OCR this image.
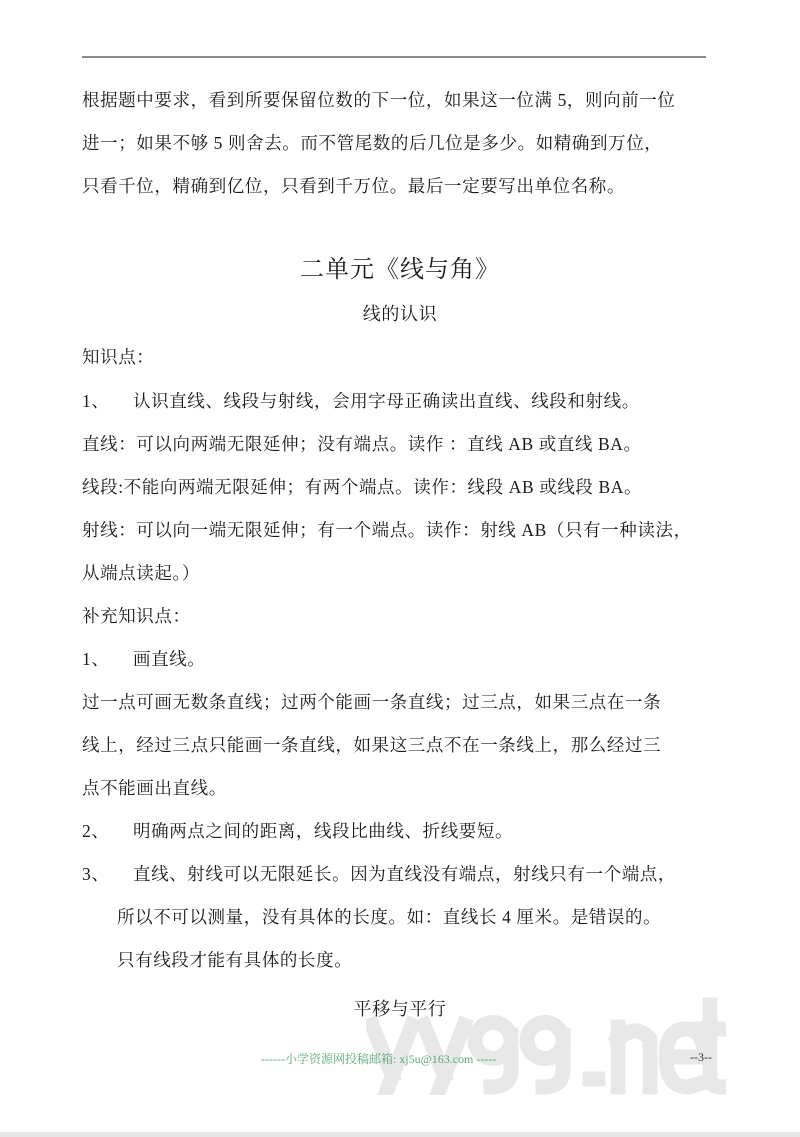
根据题中要求，看到所要保留位数的下一位，如果这一位满 5，则向前一位
进一；如果不够 5 则舍去。而不管尾数的后几位是多少。如精确到万位，
只看千位，精确到亿位，只看到千万位。最后一定要写出单位名称。
二单元《线与角》
线的认识
知识点：
1、 认识直线、线段与射线，会用字母正确读出直线、线段和射线。
直线：可以向两端无限延伸；没有端点。读作 ：直线 AB 或直线 BA。
线段:不能向两端无限延伸；有两个端点。读作：线段 AB 或线段 BA。
射线：可以向一端无限延伸；有一个端点。读作：射线 AB（只有一种读法，
从端点读起。）
补充知识点：
1、 画直线。
过一点可画无数条直线；过两个能画一条直线；过三点，如果三点在一条
线上，经过三点只能画一条直线，如果这三点不在一条线上，那么经过三
点不能画出直线。
2、 明确两点之间的距离，线段比曲线、折线要短。
3、 直线、射线可以无限延长。因为直线没有端点，射线只有一个端点，
所以不可以测量，没有具体的长度。如：直线长 4 厘米。是错误的。
只有线段才能有具体的长度。
平移与平行
------小学资源网投稿邮箱: xj5u@163.com -----	--3--
